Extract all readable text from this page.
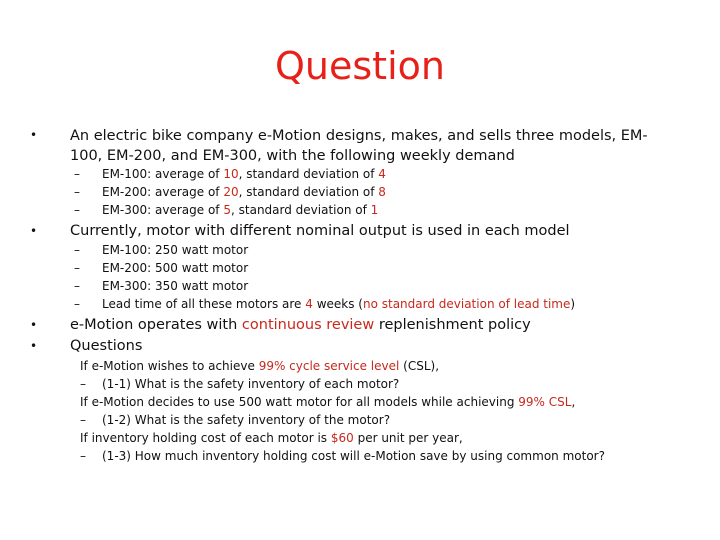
Question
• An electric bike company e-Motion designs, makes, and sells three models, EM-
100, EM-200, and EM-300, with the following weekly demand
– EM-100: average of 10, standard deviation of 4
– EM-200: average of 20, standard deviation of 8
– EM-300: average of 5, standard deviation of 1
• Currently, motor with different nominal output is used in each model
– EM-100: 250 watt motor
– EM-200: 500 watt motor
– EM-300: 350 watt motor
– Lead time of all these motors are 4 weeks (no standard deviation of lead time)
• e-Motion operates with continuous review replenishment policy
• Questions
If e-Motion wishes to achieve 99% cycle service level (CSL),
– (1-1) What is the safety inventory of each motor?
If e-Motion decides to use 500 watt motor for all models while achieving 99% CSL,
– (1-2) What is the safety inventory of the motor?
If inventory holding cost of each motor is $60 per unit per year,
– (1-3) How much inventory holding cost will e-Motion save by using common motor?
